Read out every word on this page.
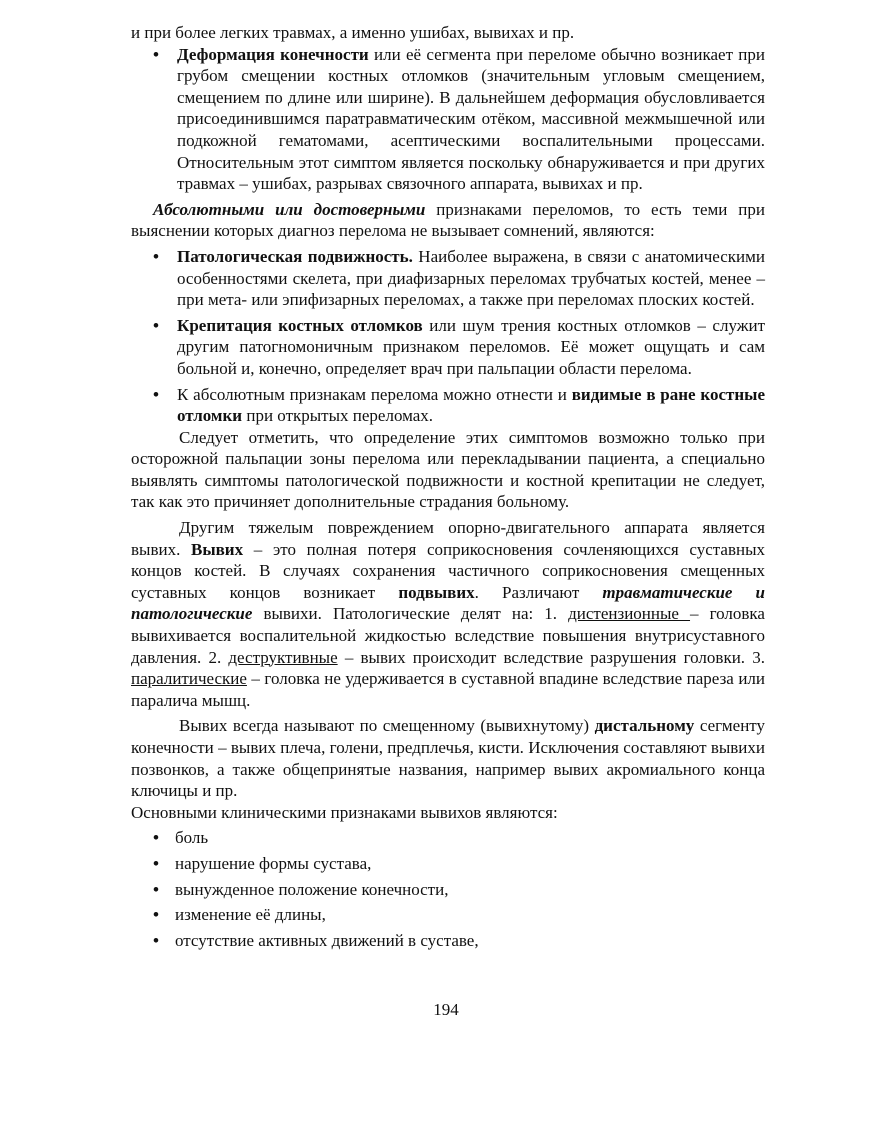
и при более легких травмах, а именно ушибах, вывихах и пр.

• Деформация конечности или её сегмента при переломе обычно возникает при грубом смещении костных отломков (значительным угловым смещением, смещением по длине или ширине). В дальнейшем деформация обусловливается присоединившимся паратравматическим отёком, массивной межмышечной или подкожной гематомами, асептическими воспалительными процессами. Относительным этот симптом является поскольку обнаруживается и при других травмах – ушибах, разрывах связочного аппарата, вывихах и пр.

Абсолютными или достоверными признаками переломов, то есть теми при выяснении которых диагноз перелома не вызывает сомнений, являются:

• Патологическая подвижность. Наиболее выражена, в связи с анатомическими особенностями скелета, при диафизарных переломах трубчатых костей, менее – при мета- или эпифизарных переломах, а также при переломах плоских костей.
• Крепитация костных отломков или шум трения костных отломков – служит другим патогномоничным признаком переломов. Её может ощущать и сам больной и, конечно, определяет врач при пальпации области перелома.
• К абсолютным признакам перелома можно отнести и видимые в ране костные отломки при открытых переломах.

Следует отметить, что определение этих симптомов возможно только при осторожной пальпации зоны перелома или перекладывании пациента, а специально выявлять симптомы патологической подвижности и костной крепитации не следует, так как это причиняет дополнительные страдания больному.

Другим тяжелым повреждением опорно-двигательного аппарата является вывих. Вывих – это полная потеря соприкосновения сочленяющихся суставных концов костей. В случаях сохранения частичного соприкосновения смещенных суставных концов возникает подвывих. Различают травматические и патологические вывихи. Патологические делят на: 1. дистензионные – головка вывихивается воспалительной жидкостью вследствие повышения внутрисуставного давления. 2. деструктивные – вывих происходит вследствие разрушения головки. 3. паралитические – головка не удерживается в суставной впадине вследствие пареза или паралича мышц.

Вывих всегда называют по смещенному (вывихнутому) дистальному сегменту конечности – вывих плеча, голени, предплечья, кисти. Исключения составляют вывихи позвонков, а также общепринятые названия, например вывих акромиального конца ключицы и пр.

Основными клиническими признаками вывихов являются:

• боль
• нарушение формы сустава,
• вынужденное положение конечности,
• изменение её длины,
• отсутствие активных движений в суставе,
194
